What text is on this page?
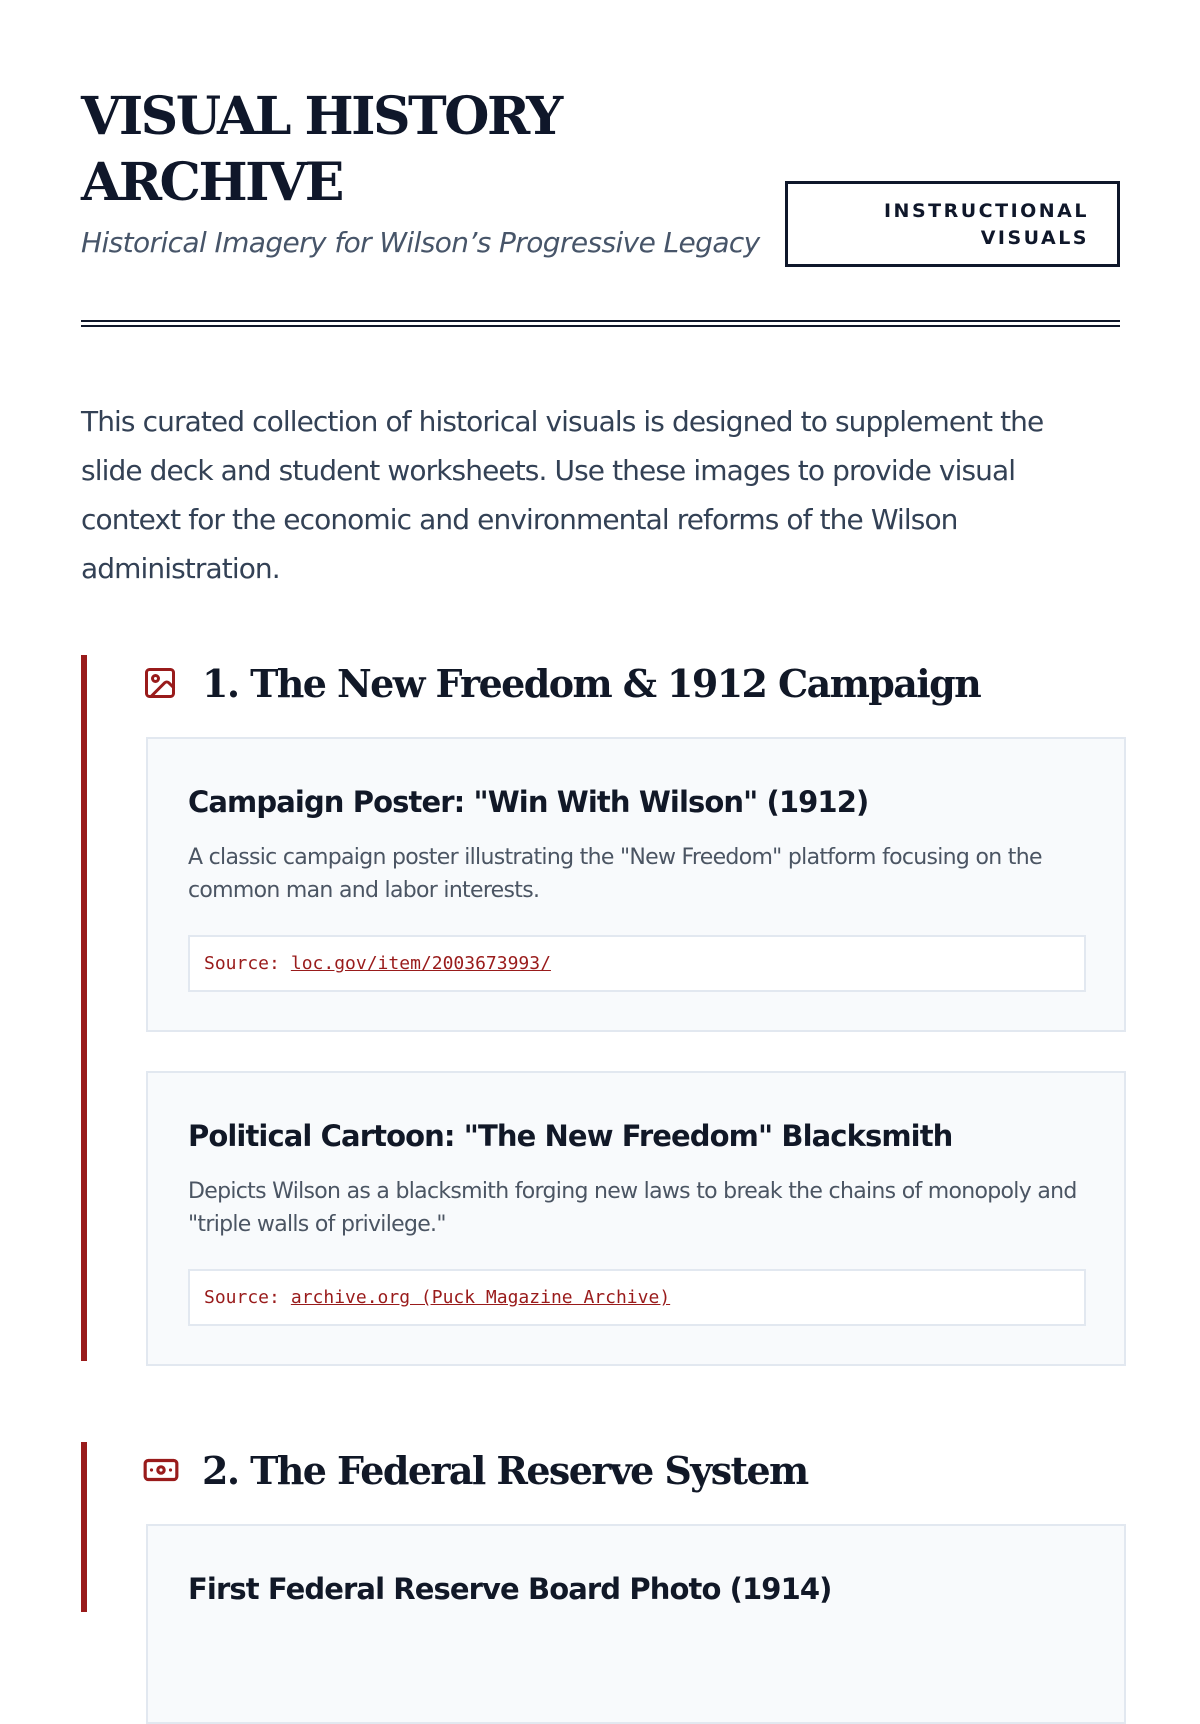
VISUAL HISTORY
ARCHIVE

Historical Imagery for Wilson’s Progressive Legacy

INSTRUCTIONAL
VISUALS

This curated collection of historical visuals is designed to supplement the slide deck and student worksheets. Use these images to provide visual context for the economic and environmental reforms of the Wilson administration.

1. The New Freedom & 1912 Campaign
Campaign Poster: "Win With Wilson" (1912)

A classic campaign poster illustrating the "New Freedom" platform focusing on the common man and labor interests.

Source: loc.gov/item/2003673993/
Political Cartoon: "The New Freedom" Blacksmith

Depicts Wilson as a blacksmith forging new laws to break the chains of monopoly and "triple walls of privilege."

Source: archive.org (Puck Magazine Archive)
2. The Federal Reserve System
First Federal Reserve Board Photo (1914)
